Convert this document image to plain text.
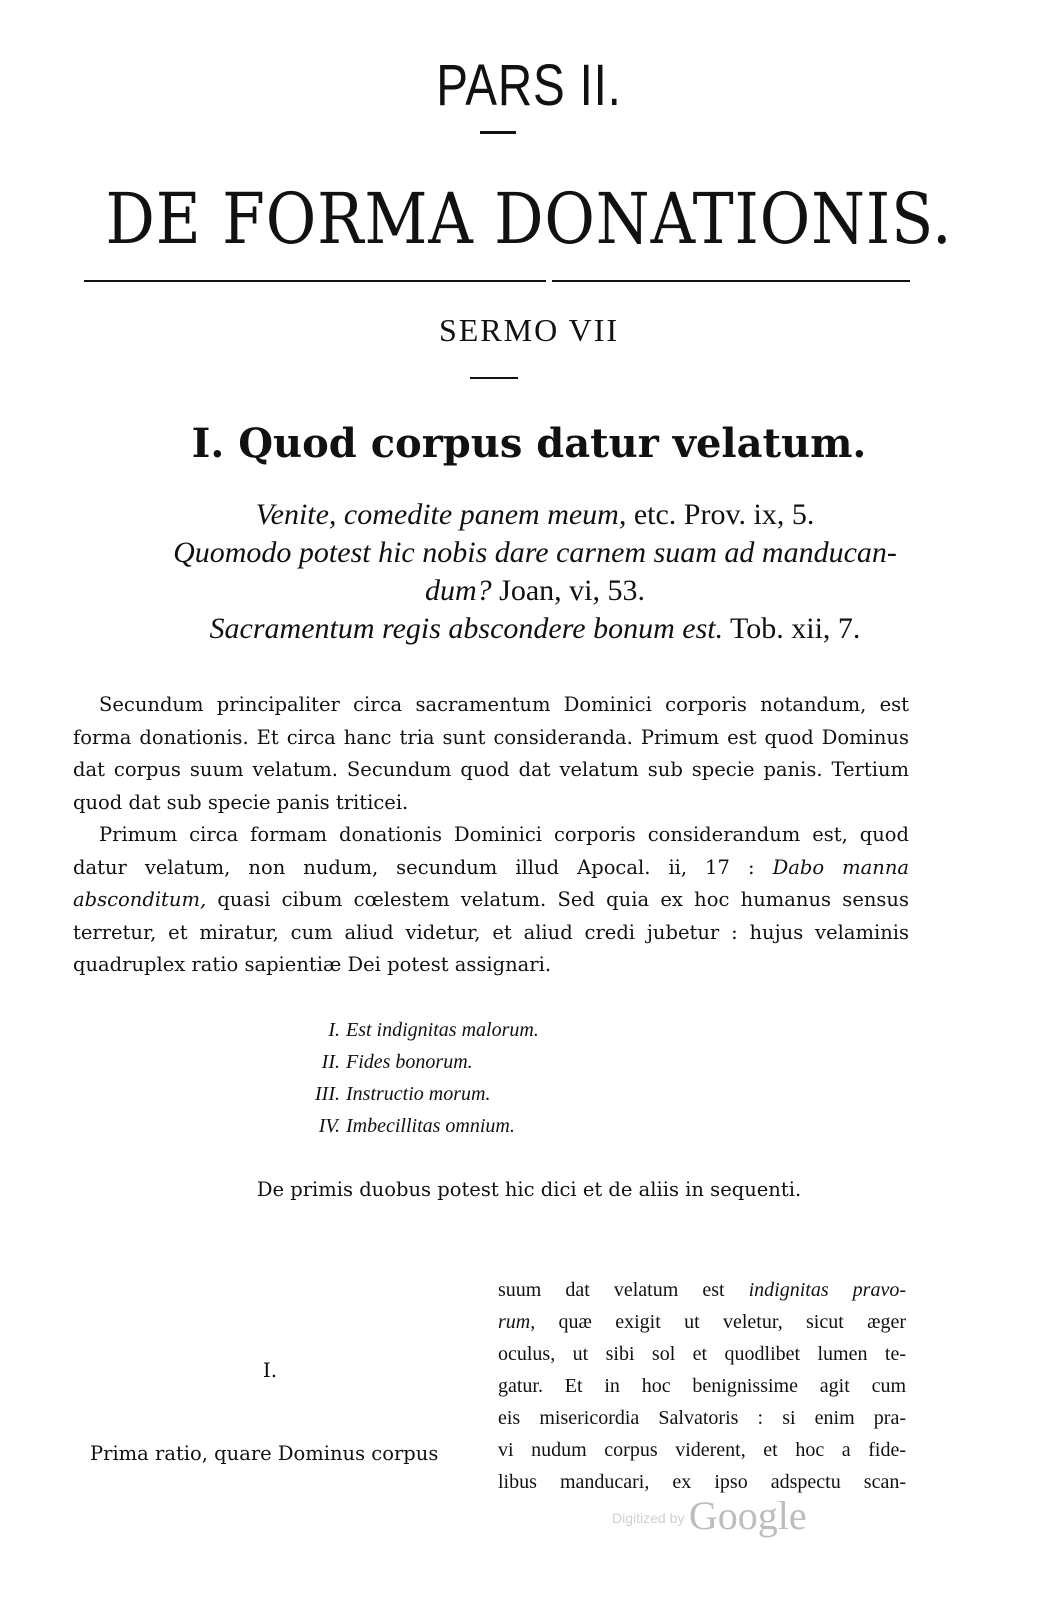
PARS II.
DE FORMA DONATIONIS.
SERMO VII
I. Quod corpus datur velatum.
Venite, comedite panem meum, etc. Prov. ix, 5.
Quomodo potest hic nobis dare carnem suam ad manducan-
dum? Joan, vi, 53.
Sacramentum regis abscondere bonum est. Tob. xii, 7.

Secundum principaliter circa sacramentum Dominici corporis notandum, est forma donationis. Et circa hanc tria sunt consideranda. Primum est quod Dominus dat corpus suum velatum. Secundum quod dat velatum sub specie panis. Tertium quod dat sub specie panis triticei.

Primum circa formam donationis Dominici corporis considerandum est, quod datur velatum, non nudum, secundum illud Apocal. ii, 17 : Dabo manna absconditum, quasi cibum cœlestem velatum. Sed quia ex hoc humanus sensus terretur, et miratur, cum aliud videtur, et aliud credi jubetur : hujus velaminis quadruplex ratio sapientiæ Dei potest assignari.

I. Est indignitas malorum.
II. Fides bonorum.
III. Instructio morum.
IV. Imbecillitas omnium.
De primis duobus potest hic dici et de aliis in sequenti.
I.
Prima ratio, quare Dominus corpus
suum dat velatum est indignitas pravo-
rum, quæ exigit ut veletur, sicut æger
oculus, ut sibi sol et quodlibet lumen te-
gatur. Et in hoc benignissime agit cum
eis misericordia Salvatoris : si enim pra-
vi nudum corpus viderent, et hoc a fide-
libus manducari, ex ipso adspectu scan-
Digitized by Google
